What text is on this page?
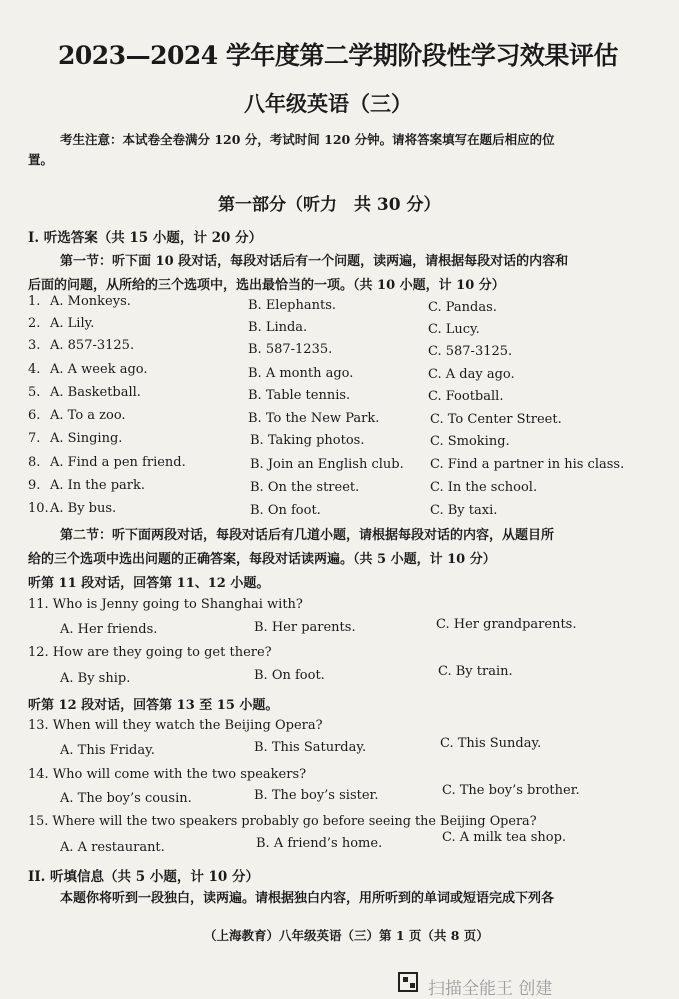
2023—2024 学年度第二学期阶段性学习效果评估
八年级英语（三）
考生注意：本试卷全卷满分 120 分，考试时间 120 分钟。请将答案填写在题后相应的位
置。
第一部分（听力　共 30 分）
I. 听选答案（共 15 小题，计 20 分）
第一节：听下面 10 段对话，每段对话后有一个问题，读两遍，请根据每段对话的内容和
后面的问题，从所给的三个选项中，选出最恰当的一项。（共 10 小题，计 10 分）
1. A. Monkeys.	B. Elephants.	C. Pandas.
2. A. Lily.	B. Linda.	C. Lucy.
3. A. 857-3125.	B. 587-1235.	C. 587-3125.
4. A. A week ago.	B. A month ago.	C. A day ago.
5. A. Basketball.	B. Table tennis.	C. Football.
6. A. To a zoo.	B. To the New Park.	C. To Center Street.
7. A. Singing.	B. Taking photos.	C. Smoking.
8. A. Find a pen friend.	B. Join an English club. C. Find a partner in his class.
9. A. In the park.	B. On the street.	C. In the school.
10. A. By bus.	B. On foot.	C. By taxi.
第二节：听下面两段对话，每段对话后有几道小题，请根据每段对话的内容，从题目所
给的三个选项中选出问题的正确答案，每段对话读两遍。（共 5 小题，计 10 分）
听第 11 段对话，回答第 11、12 小题。
11. Who is Jenny going to Shanghai with?
A. Her friends.	B. Her parents.	C. Her grandparents.
12. How are they going to get there?
A. By ship.	B. On foot.	C. By train.
听第 12 段对话，回答第 13 至 15 小题。
13. When will they watch the Beijing Opera?
A. This Friday.	B. This Saturday.	C. This Sunday.
14. Who will come with the two speakers?
A. The boy’s cousin.	B. The boy’s sister.	C. The boy’s brother.
15. Where will the two speakers probably go before seeing the Beijing Opera?
A. A restaurant.	B. A friend’s home.	C. A milk tea shop.
II. 听填信息（共 5 小题，计 10 分）
本题你将听到一段独白，读两遍。请根据独白内容，用所听到的单词或短语完成下列各
（上海教育）八年级英语（三）第 1 页（共 8 页）
扫描全能王 创建
